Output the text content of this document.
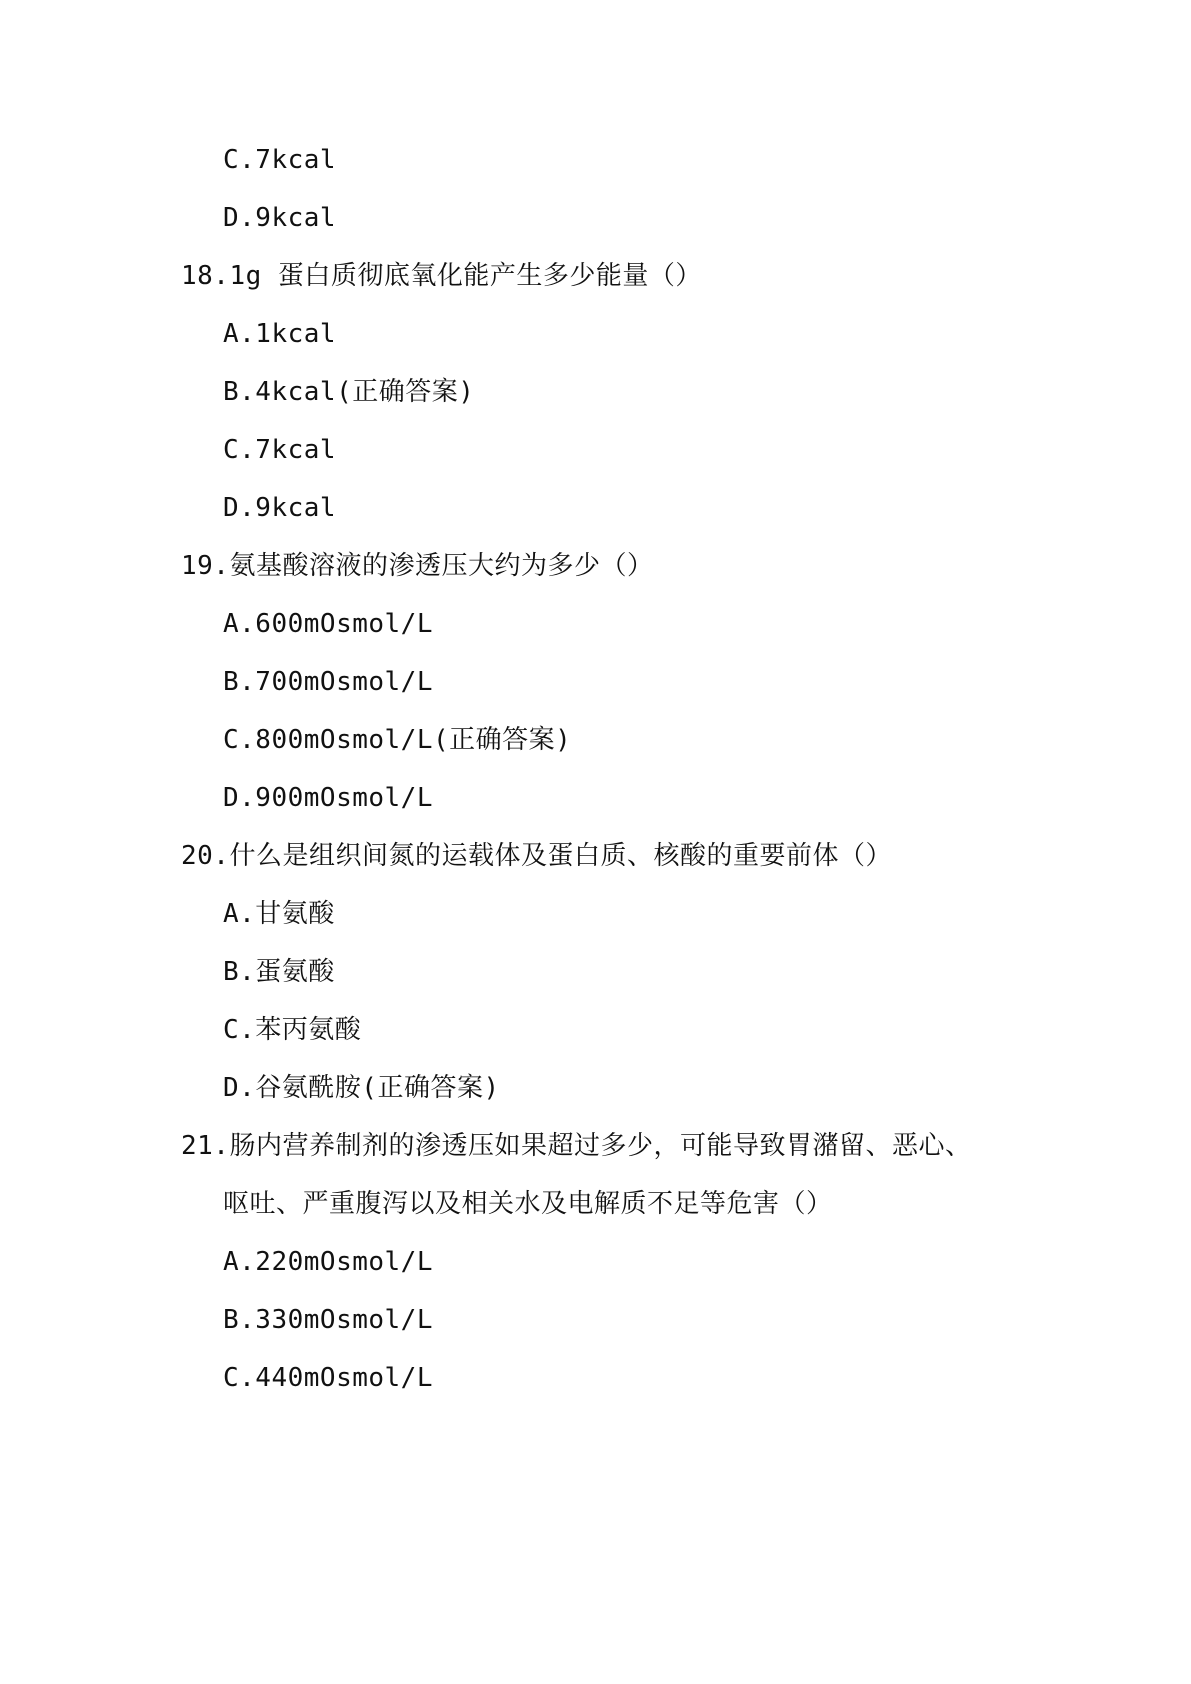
C.7kcal
D.9kcal
18.1g 蛋白质彻底氧化能产生多少能量（）
A.1kcal
B.4kcal(正确答案)
C.7kcal
D.9kcal
19.氨基酸溶液的渗透压大约为多少（）
A.600mOsmol/L
B.700mOsmol/L
C.800mOsmol/L(正确答案)
D.900mOsmol/L
20.什么是组织间氮的运载体及蛋白质、核酸的重要前体（）
A.甘氨酸
B.蛋氨酸
C.苯丙氨酸
D.谷氨酰胺(正确答案)
21.肠内营养制剂的渗透压如果超过多少，可能导致胃潴留、恶心、
呕吐、严重腹泻以及相关水及电解质不足等危害（）
A.220mOsmol/L
B.330mOsmol/L
C.440mOsmol/L
